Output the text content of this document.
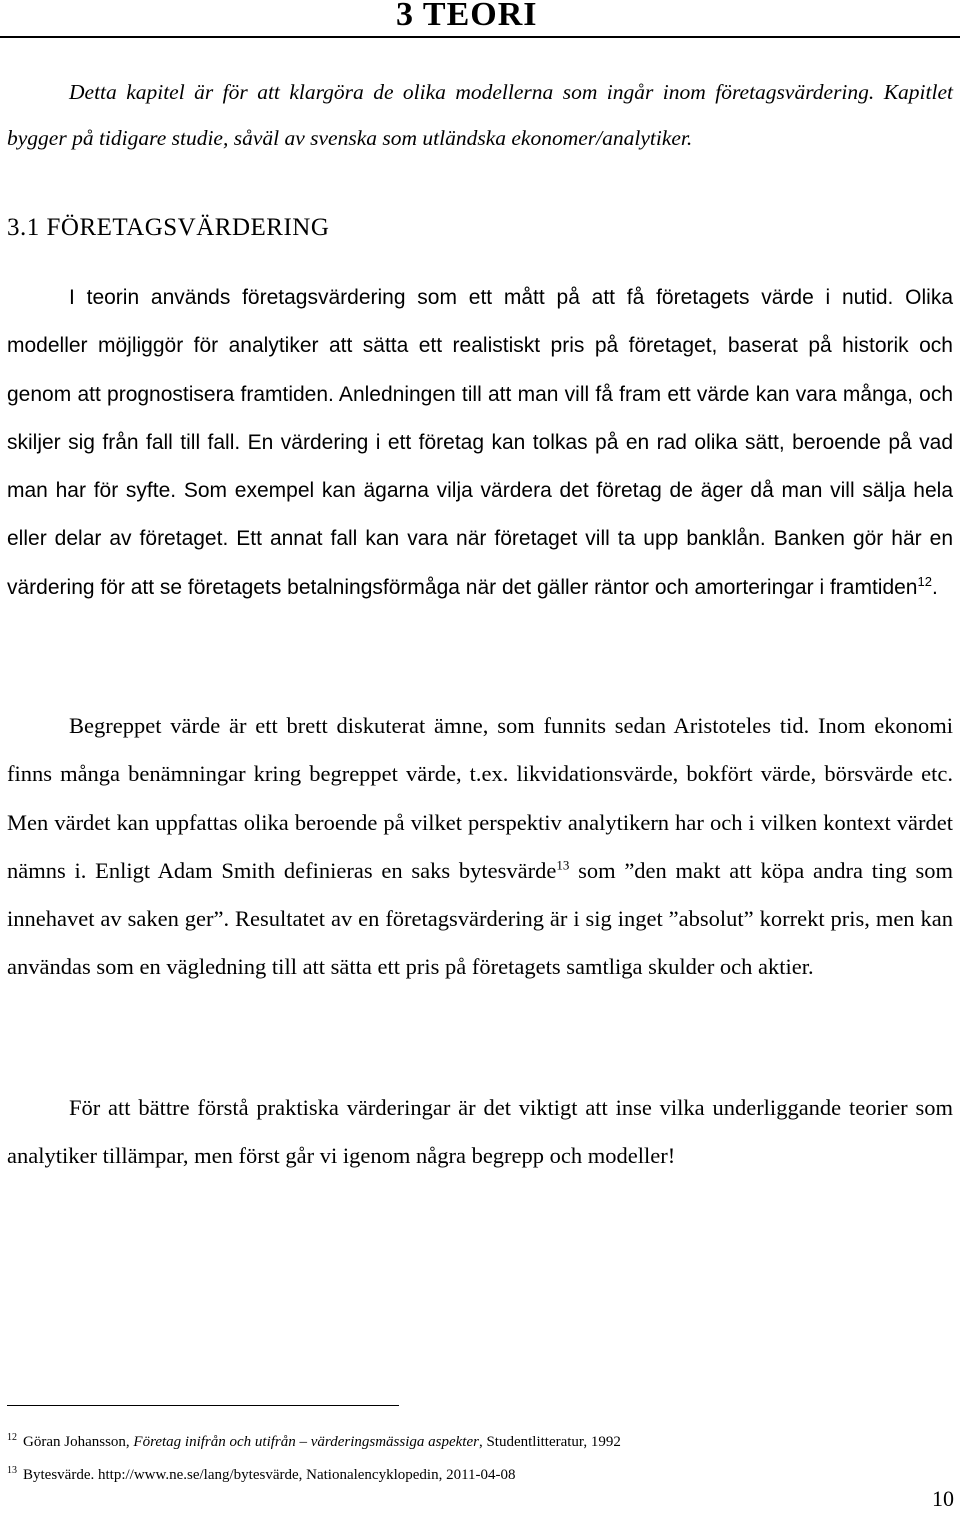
3 TEORI

Detta kapitel är för att klargöra de olika modellerna som ingår inom företagsvärdering. Kapitlet bygger på tidigare studie, såväl av svenska som utländska ekonomer/analytiker.

3.1 FÖRETAGSVÄRDERING

I teorin används företagsvärdering som ett mått på att få företagets värde i nutid. Olika modeller möjliggör för analytiker att sätta ett realistiskt pris på företaget, baserat på historik och genom att prognostisera framtiden. Anledningen till att man vill få fram ett värde kan vara många, och skiljer sig från fall till fall. En värdering i ett företag kan tolkas på en rad olika sätt, beroende på vad man har för syfte. Som exempel kan ägarna vilja värdera det företag de äger då man vill sälja hela eller delar av företaget. Ett annat fall kan vara när företaget vill ta upp banklån. Banken gör här en värdering för att se företagets betalningsförmåga när det gäller räntor och amorteringar i framtiden$^{12}$.

Begreppet värde är ett brett diskuterat ämne, som funnits sedan Aristoteles tid. Inom ekonomi finns många benämningar kring begreppet värde, t.ex. likvidationsvärde, bokfört värde, börsvärde etc. Men värdet kan uppfattas olika beroende på vilket perspektiv analytikern har och i vilken kontext värdet nämns i. Enligt Adam Smith definieras en saks bytesvärde$^{13}$ som ”den makt att köpa andra ting som innehavet av saken ger”. Resultatet av en företagsvärdering är i sig inget ”absolut” korrekt pris, men kan användas som en vägledning till att sätta ett pris på företagets samtliga skulder och aktier.

För att bättre förstå praktiska värderingar är det viktigt att inse vilka underliggande teorier som analytiker tillämpar, men först går vi igenom några begrepp och modeller!

$^{12}$ Göran Johansson, Företag inifrån och utifrån – värderingsmässiga aspekter, Studentlitteratur, 1992

$^{13}$ Bytesvärde. http://www.ne.se/lang/bytesvärde, Nationalencyklopedin, 2011-04-08

10
